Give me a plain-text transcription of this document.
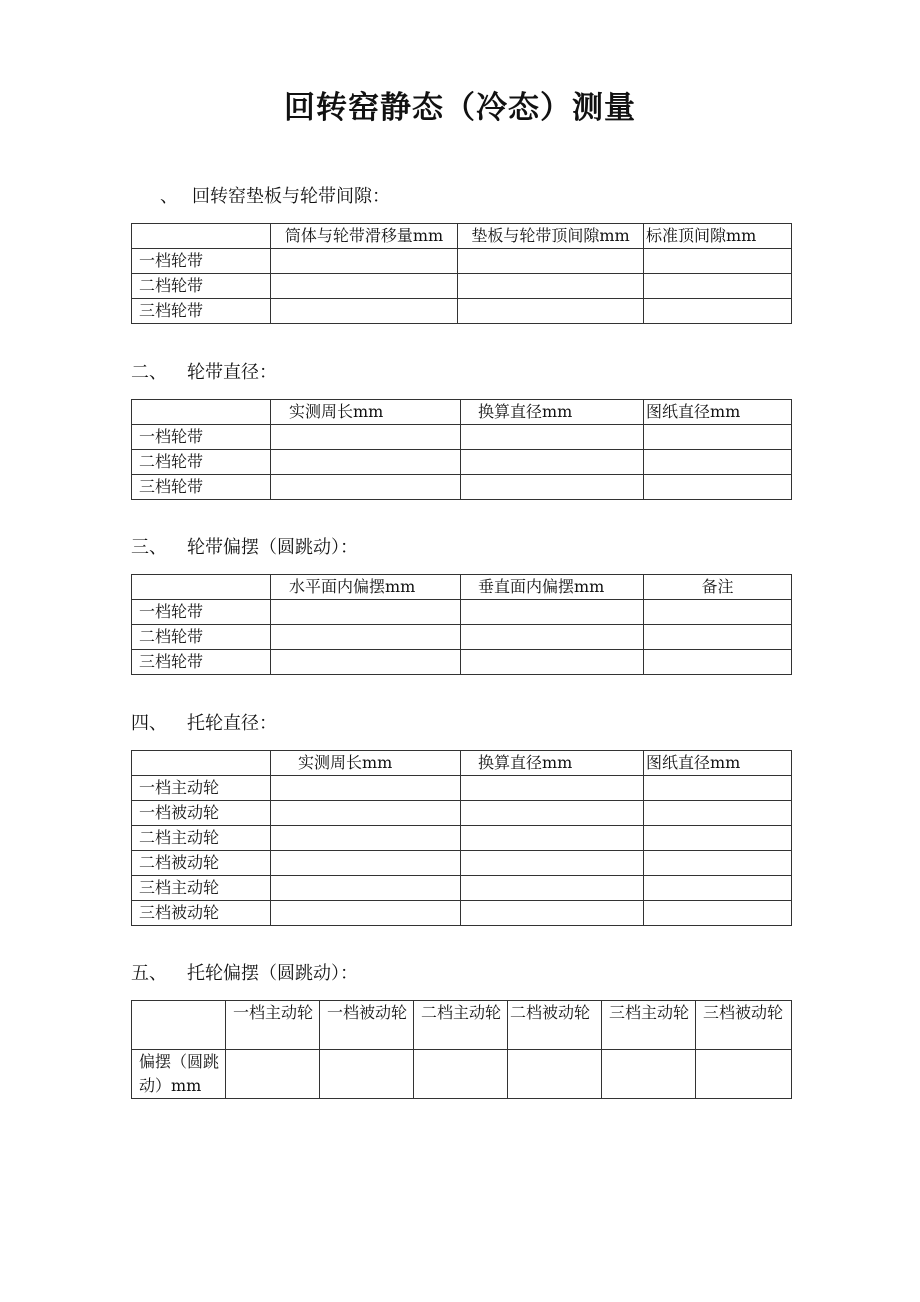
回转窑静态（冷态）测量
、 回转窑垫板与轮带间隙：
	筒体与轮带滑移量mm	垫板与轮带顶间隙mm	标准顶间隙mm
一档轮带			
二档轮带			
三档轮带			
二、 轮带直径：
	实测周长mm	换算直径mm	图纸直径mm
一档轮带			
二档轮带			
三档轮带			
三、 轮带偏摆（圆跳动）：
	水平面内偏摆mm	垂直面内偏摆mm	备注
一档轮带			
二档轮带			
三档轮带			
四、 托轮直径：
	实测周长mm	换算直径mm	图纸直径mm
一档主动轮			
一档被动轮			
二档主动轮			
二档被动轮			
三档主动轮			
三档被动轮			
五、 托轮偏摆（圆跳动）：
	一档主动轮	一档被动轮	二档主动轮	二档被动轮	三档主动轮	三档被动轮
偏摆（圆跳动）mm						
